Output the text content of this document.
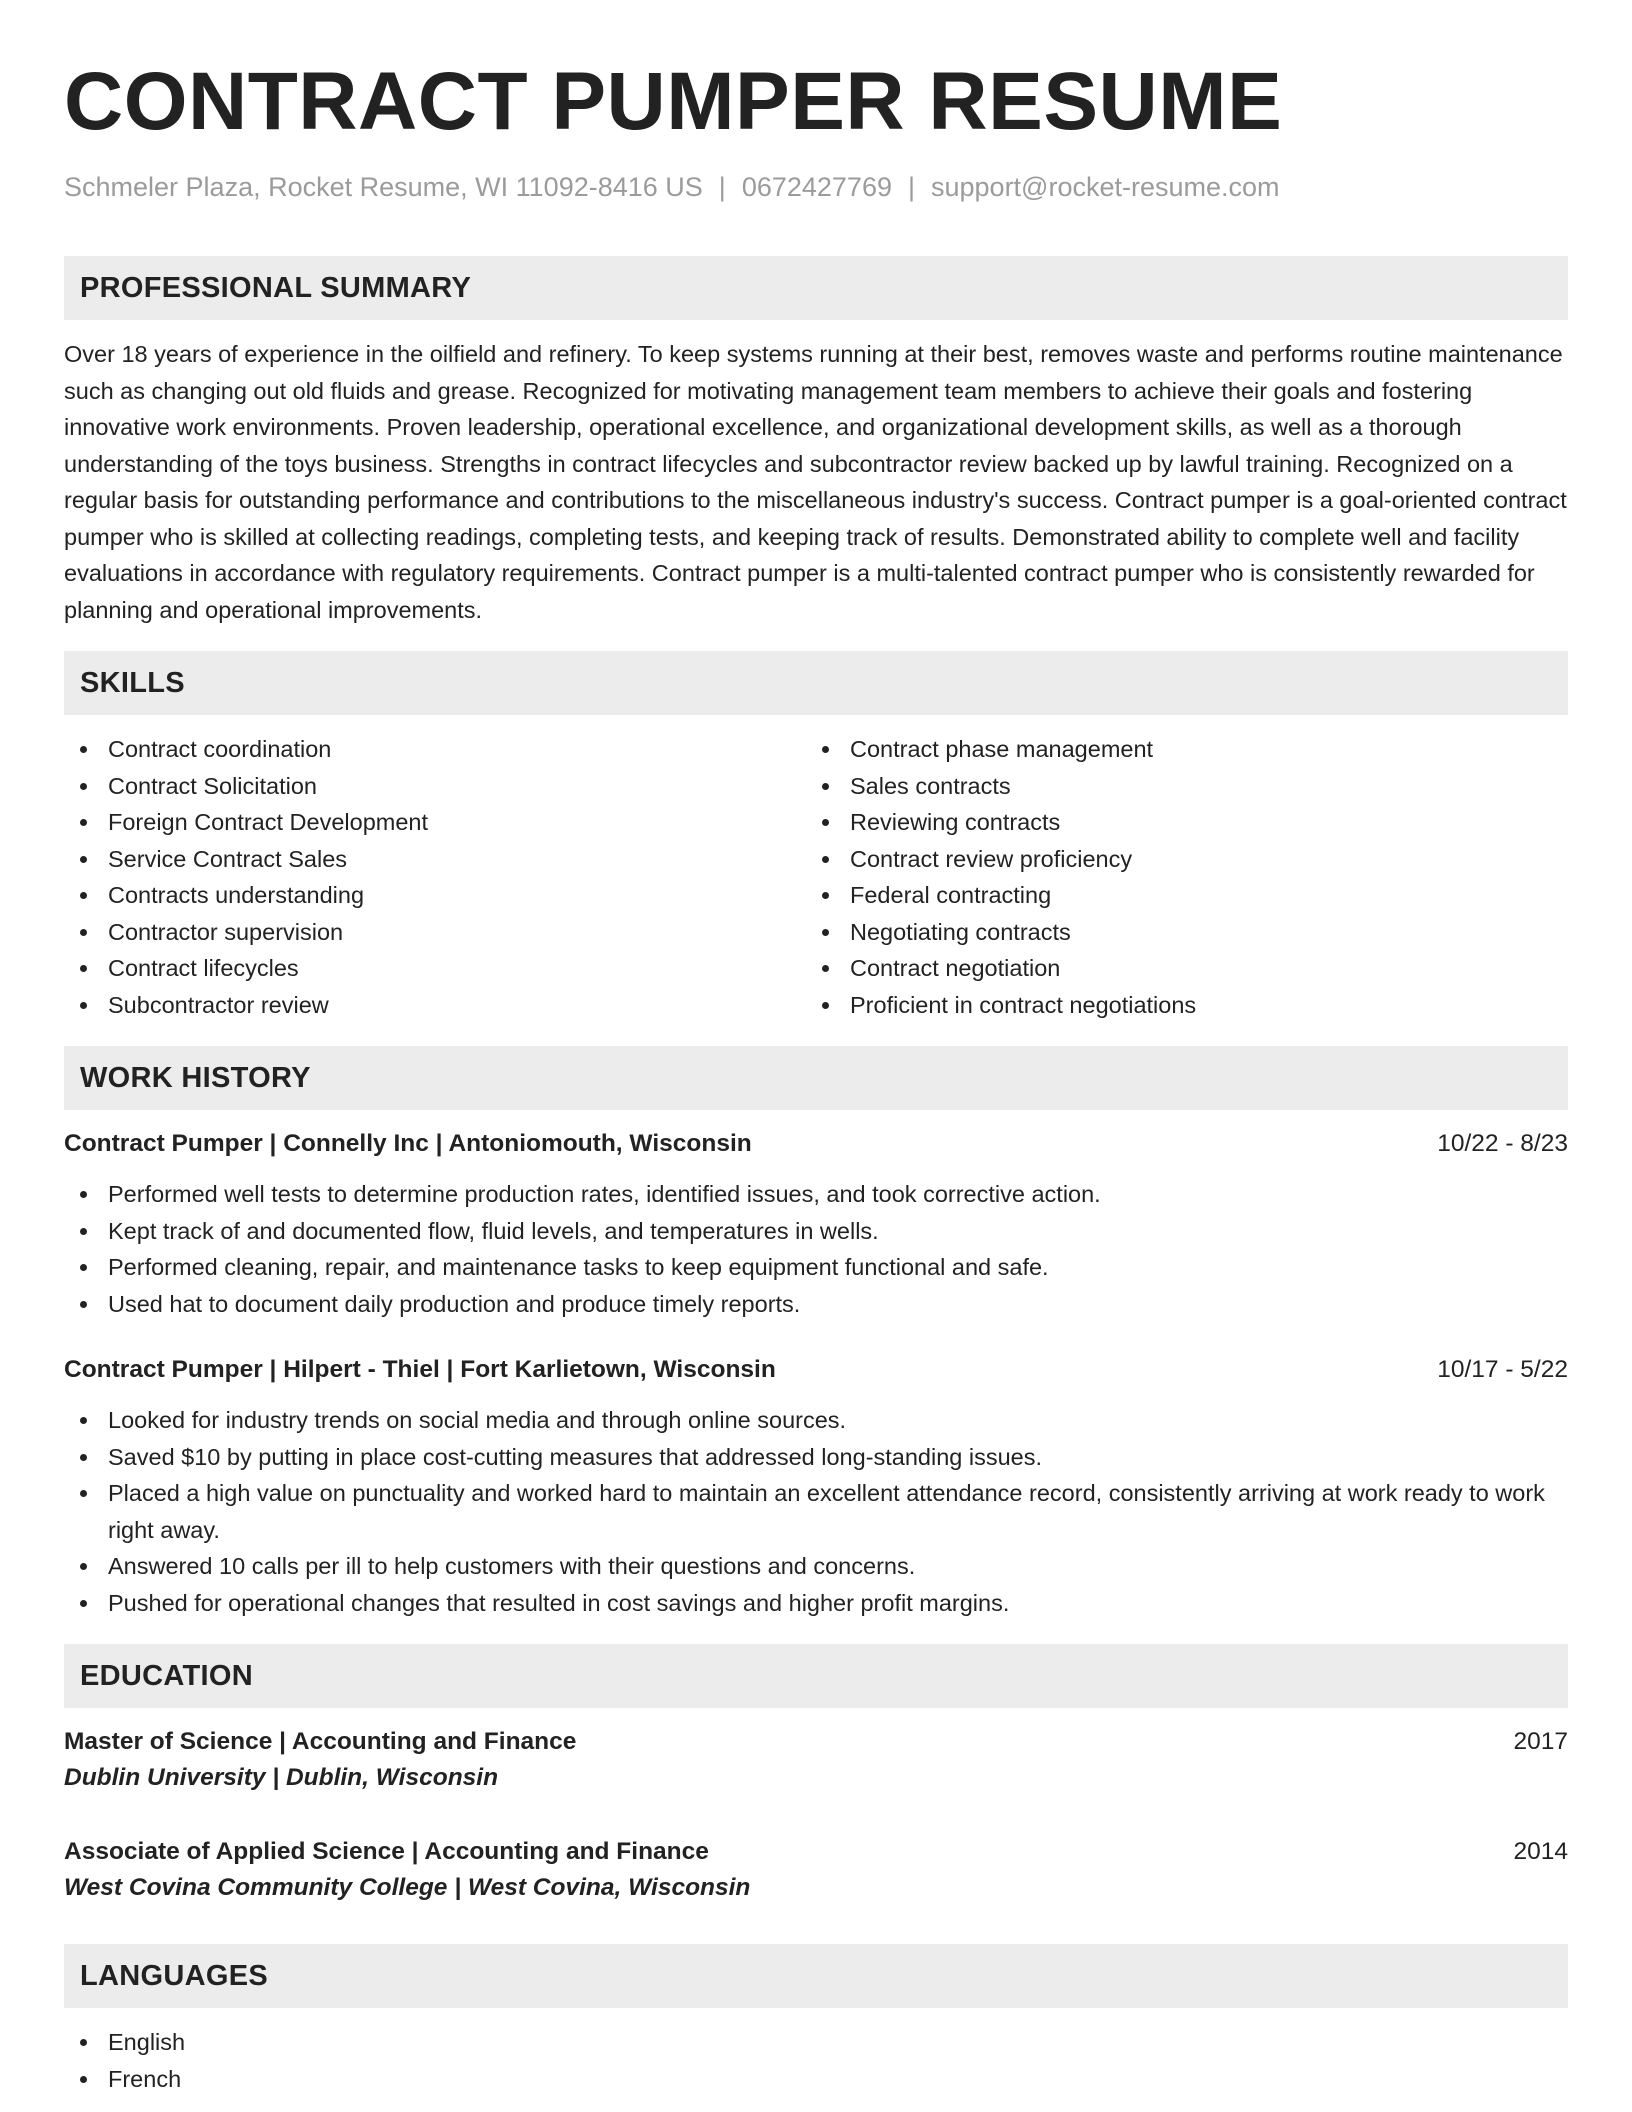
CONTRACT PUMPER RESUME
Schmeler Plaza, Rocket Resume, WI 11092-8416 US | 0672427769 | support@rocket-resume.com
PROFESSIONAL SUMMARY

Over 18 years of experience in the oilfield and refinery. To keep systems running at their best, removes waste and performs routine maintenance such as changing out old fluids and grease. Recognized for motivating management team members to achieve their goals and fostering innovative work environments. Proven leadership, operational excellence, and organizational development skills, as well as a thorough understanding of the toys business. Strengths in contract lifecycles and subcontractor review backed up by lawful training. Recognized on a regular basis for outstanding performance and contributions to the miscellaneous industry's success. Contract pumper is a goal-oriented contract pumper who is skilled at collecting readings, completing tests, and keeping track of results. Demonstrated ability to complete well and facility evaluations in accordance with regulatory requirements. Contract pumper is a multi-talented contract pumper who is consistently rewarded for planning and operational improvements.

SKILLS
Contract coordination
Contract Solicitation
Foreign Contract Development
Service Contract Sales
Contracts understanding
Contractor supervision
Contract lifecycles
Subcontractor review
Contract phase management
Sales contracts
Reviewing contracts
Contract review proficiency
Federal contracting
Negotiating contracts
Contract negotiation
Proficient in contract negotiations
WORK HISTORY
Contract Pumper | Connelly Inc | Antoniomouth, Wisconsin	10/22 - 8/23
Performed well tests to determine production rates, identified issues, and took corrective action.
Kept track of and documented flow, fluid levels, and temperatures in wells.
Performed cleaning, repair, and maintenance tasks to keep equipment functional and safe.
Used hat to document daily production and produce timely reports.
Contract Pumper | Hilpert - Thiel | Fort Karlietown, Wisconsin	10/17 - 5/22
Looked for industry trends on social media and through online sources.
Saved $10 by putting in place cost-cutting measures that addressed long-standing issues.
Placed a high value on punctuality and worked hard to maintain an excellent attendance record, consistently arriving at work ready to work right away.
Answered 10 calls per ill to help customers with their questions and concerns.
Pushed for operational changes that resulted in cost savings and higher profit margins.
EDUCATION
Master of Science | Accounting and Finance	2017
Dublin University | Dublin, Wisconsin
Associate of Applied Science | Accounting and Finance	2014
West Covina Community College | West Covina, Wisconsin
LANGUAGES
English
French
